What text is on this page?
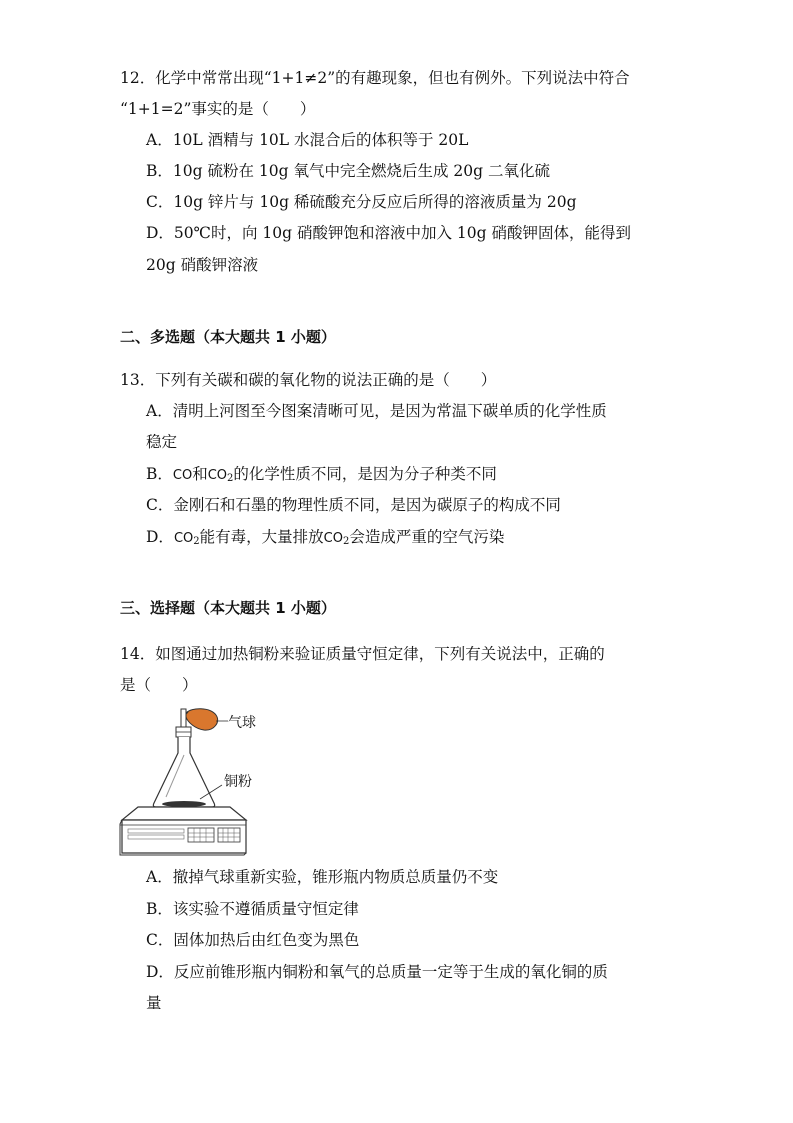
12．化学中常常出现“1+1≠2”的有趣现象，但也有例外。下列说法中符合
“1+1=2”事实的是（　　）
A．10L 酒精与 10L 水混合后的体积等于 20L
B．10g 硫粉在 10g 氧气中完全燃烧后生成 20g 二氧化硫
C．10g 锌片与 10g 稀硫酸充分反应后所得的溶液质量为 20g
D．50℃时，向 10g 硝酸钾饱和溶液中加入 10g 硝酸钾固体，能得到
20g 硝酸钾溶液
二、多选题（本大题共 1 小题）
13．下列有关碳和碳的氧化物的说法正确的是（　　）
A．清明上河图至今图案清晰可见，是因为常温下碳单质的化学性质
稳定
B．CO和$CO_2$的化学性质不同，是因为分子种类不同
C．金刚石和石墨的物理性质不同，是因为碳原子的构成不同
D．$CO_2$能有毒，大量排放$CO_2$会造成严重的空气污染
三、选择题（本大题共 1 小题）
14．如图通过加热铜粉来验证质量守恒定律，下列有关说法中，正确的
是（　　）
气球
铜粉
A．撤掉气球重新实验，锥形瓶内物质总质量仍不变
B．该实验不遵循质量守恒定律
C．固体加热后由红色变为黑色
D．反应前锥形瓶内铜粉和氧气的总质量一定等于生成的氧化铜的质
量
